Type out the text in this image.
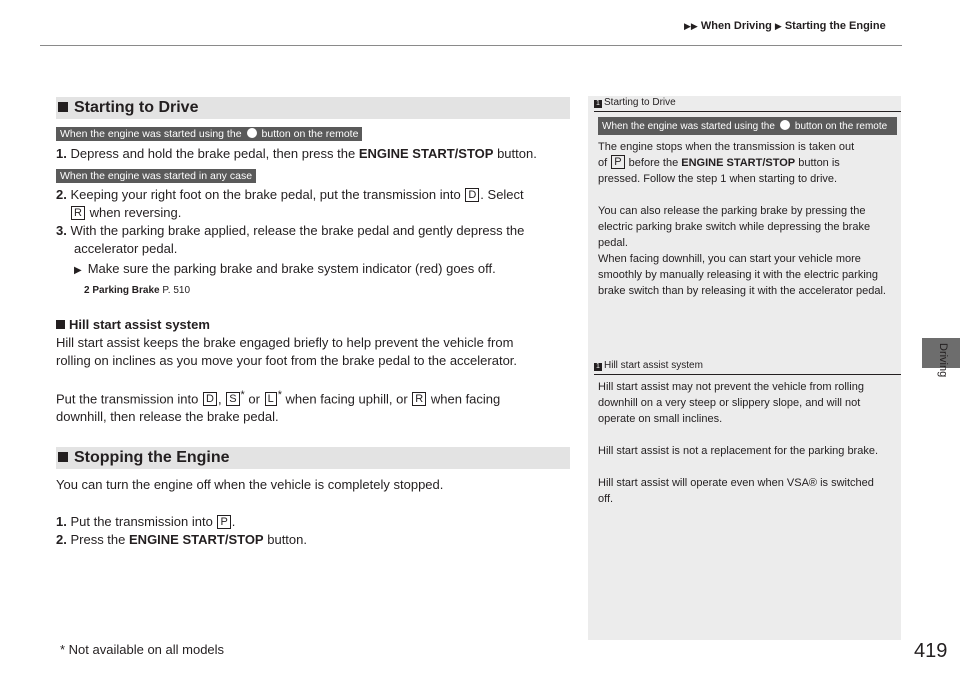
▶▶ When Driving ▶ Starting the Engine
Driving
Starting to Drive
When the engine was started using the button on the remote
1. Depress and hold the brake pedal, then press the ENGINE START/STOP button.
When the engine was started in any case
2. Keeping your right foot on the brake pedal, put the transmission into D . Select
R when reversing.
3. With the parking brake applied, release the brake pedal and gently depress the
accelerator pedal.
▶ Make sure the parking brake and brake system indicator (red) goes off.
2 Parking Brake P. 510
Hill start assist system
Hill start assist keeps the brake engaged briefly to help prevent the vehicle from
rolling on inclines as you move your foot from the brake pedal to the accelerator.
Put the transmission into D , S * or L * when facing uphill, or R when facing
downhill, then release the brake pedal.
Stopping the Engine
You can turn the engine off when the vehicle is completely stopped.
1. Put the transmission into P .
2. Press the ENGINE START/STOP button.
1 Starting to Drive
When the engine was started using the button on the remote
The engine stops when the transmission is taken out
of P before the ENGINE START/STOP button is
pressed. Follow the step 1 when starting to drive.
You can also release the parking brake by pressing the electric parking brake switch while depressing the brake pedal.
When facing downhill, you can start your vehicle more smoothly by manually releasing it with the electric parking brake switch than by releasing it with the accelerator pedal.
1 Hill start assist system
Hill start assist may not prevent the vehicle from rolling downhill on a very steep or slippery slope, and will not operate on small inclines.
Hill start assist is not a replacement for the parking brake.
Hill start assist will operate even when VSA® is switched off.
* Not available on all models	419
